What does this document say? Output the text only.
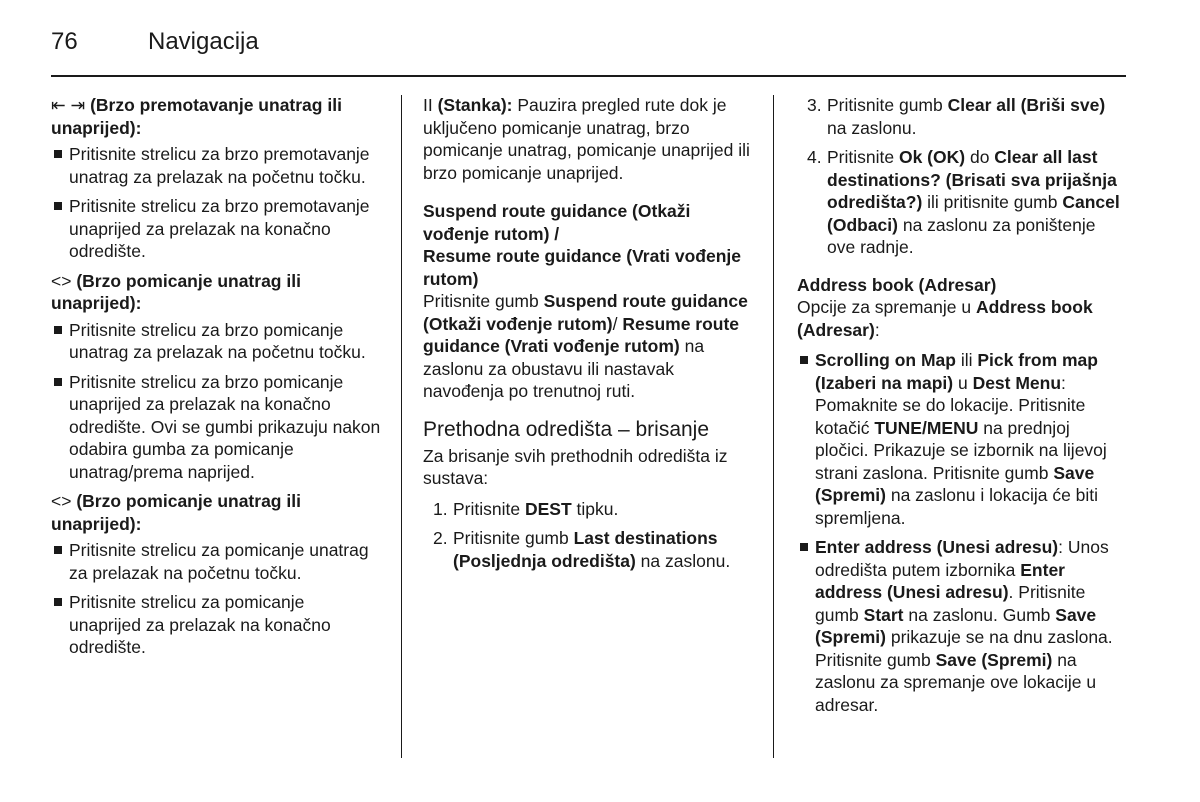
76	Navigacija

⇤ ⇥ (Brzo premotavanje unatrag ili unaprijed):

Pritisnite strelicu za brzo premotavanje unatrag za prelazak na početnu točku.

Pritisnite strelicu za brzo premotavanje unaprijed za prelazak na konačno odredište.

<> (Brzo pomicanje unatrag ili unaprijed):

Pritisnite strelicu za brzo pomicanje unatrag za prelazak na početnu točku.

Pritisnite strelicu za brzo pomicanje unaprijed za prelazak na konačno odredište. Ovi se gumbi prikazuju nakon odabira gumba za pomicanje unatrag/prema naprijed.

<> (Brzo pomicanje unatrag ili unaprijed):

Pritisnite strelicu za pomicanje unatrag za prelazak na početnu točku.

Pritisnite strelicu za pomicanje unaprijed za prelazak na konačno odredište.

II (Stanka): Pauzira pregled rute dok je uključeno pomicanje unatrag, brzo pomicanje unatrag, pomicanje unaprijed ili brzo pomicanje unaprijed.

Suspend route guidance (Otkaži vođenje rutom) /
Resume route guidance (Vrati vođenje rutom)

Pritisnite gumb Suspend route guidance (Otkaži vođenje rutom)/ Resume route guidance (Vrati vođenje rutom) na zaslonu za obustavu ili nastavak navođenja po trenutnoj ruti.

Prethodna odredišta – brisanje

Za brisanje svih prethodnih odredišta iz sustava:

1. Pritisnite DEST tipku.

2. Pritisnite gumb Last destinations (Posljednja odredišta) na zaslonu.

3. Pritisnite gumb Clear all (Briši sve) na zaslonu.

4. Pritisnite Ok (OK) do Clear all last destinations? (Brisati sva prijašnja odredišta?) ili pritisnite gumb Cancel (Odbaci) na zaslonu za poništenje ove radnje.

Address book (Adresar)

Opcije za spremanje u Address book (Adresar):

Scrolling on Map ili Pick from map (Izaberi na mapi) u Dest Menu: Pomaknite se do lokacije. Pritisnite kotačić TUNE/MENU na prednjoj pločici. Prikazuje se izbornik na lijevoj strani zaslona. Pritisnite gumb Save (Spremi) na zaslonu i lokacija će biti spremljena.

Enter address (Unesi adresu): Unos odredišta putem izbornika Enter address (Unesi adresu). Pritisnite gumb Start na zaslonu. Gumb Save (Spremi) prikazuje se na dnu zaslona. Pritisnite gumb Save (Spremi) na zaslonu za spremanje ove lokacije u adresar.
